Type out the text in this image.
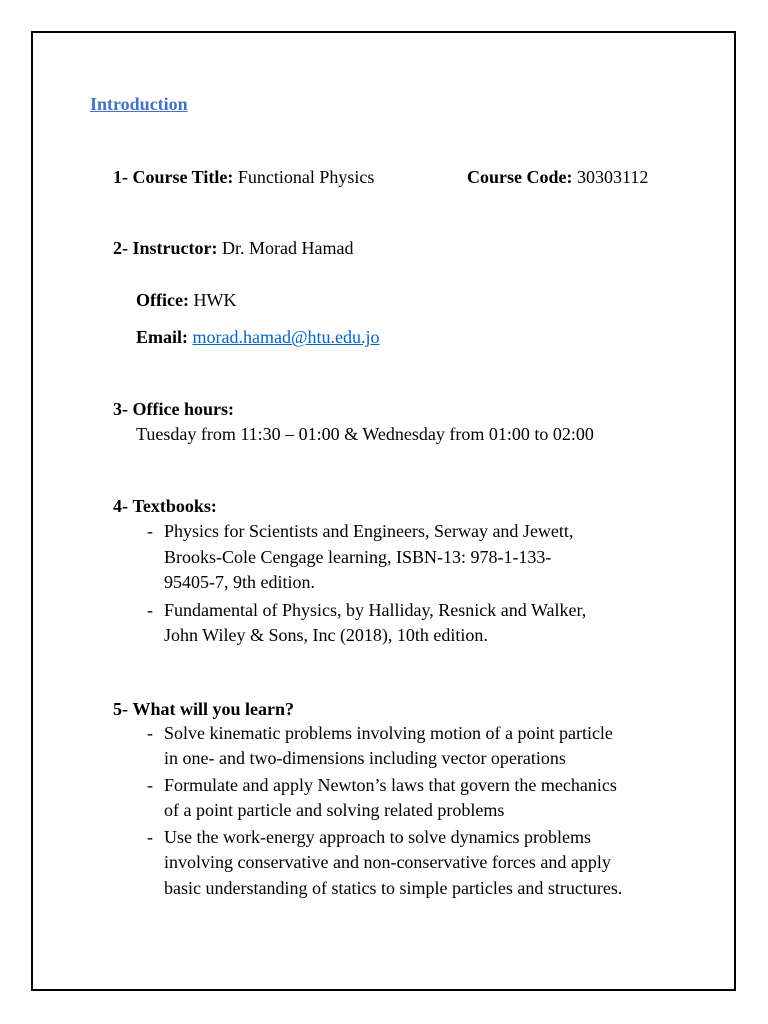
Introduction
1- Course Title: Functional Physics	Course Code: 30303112
2- Instructor: Dr. Morad Hamad
Office: HWK
Email: morad.hamad@htu.edu.jo
3- Office hours:
Tuesday from 11:30 – 01:00 & Wednesday from 01:00 to 02:00
4- Textbooks:
- Physics for Scientists and Engineers, Serway and Jewett,
Brooks-Cole Cengage learning, ISBN-13: 978-1-133-
95405-7, 9th edition.
- Fundamental of Physics, by Halliday, Resnick and Walker,
John Wiley & Sons, Inc (2018), 10th edition.
5- What will you learn?
- Solve kinematic problems involving motion of a point particle
in one- and two-dimensions including vector operations
- Formulate and apply Newton’s laws that govern the mechanics
of a point particle and solving related problems
- Use the work-energy approach to solve dynamics problems
involving conservative and non-conservative forces and apply
basic understanding of statics to simple particles and structures.
